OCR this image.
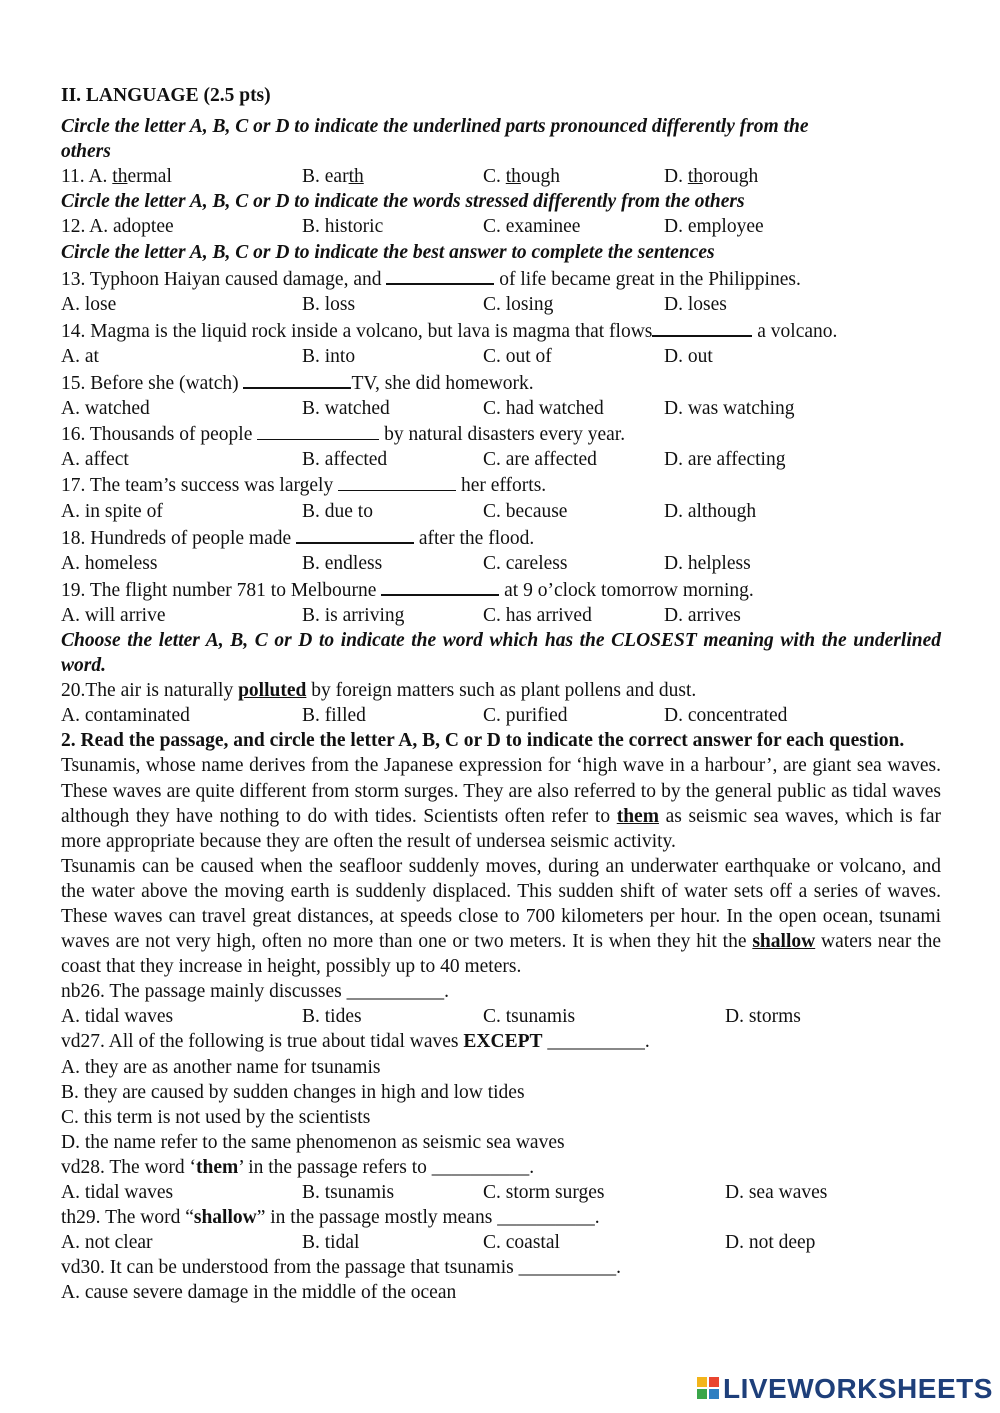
II. LANGUAGE (2.5 pts)
Circle the letter A, B, C or D to indicate the underlined parts pronounced differently from the
others
11. A. thermal	B. earth	C. though	D. thorough
Circle the letter A, B, C or D to indicate the words stressed differently from the others
12. A. adoptee	B. historic	C. examinee	D. employee
Circle the letter A, B, C or D to indicate the best answer to complete the sentences
13. Typhoon Haiyan caused damage, and	of life became great in the Philippines.
A. lose	B. loss	C. losing	D. loses
14. Magma is the liquid rock inside a volcano, but lava is magma that flows	a volcano.
A. at	B. into	C. out of	D. out
15. Before she (watch)	TV, she did homework.
A. watched	B. watched	C. had watched	D. was watching
16. Thousands of people	by natural disasters every year.
A. affect	B. affected	C. are affected	D. are affecting
17. The team’s success was largely	her efforts.
A. in spite of	B. due to	C. because	D. although
18. Hundreds of people made	after the flood.
A. homeless	B. endless	C. careless	D. helpless
19. The flight number 781 to Melbourne	at 9 o’clock tomorrow morning.
A. will arrive	B. is arriving	C. has arrived	D. arrives
Choose the letter A, B, C or D to indicate the word which has the CLOSEST meaning with the underlined word.
20.The air is naturally polluted by foreign matters such as plant pollens and dust.
A. contaminated	B. filled	C. purified	D. concentrated
2. Read the passage, and circle the letter A, B, C or D to indicate the correct answer for each question.
Tsunamis, whose name derives from the Japanese expression for ‘high wave in a harbour’, are giant sea waves. These waves are quite different from storm surges. They are also referred to by the general public as tidal waves although they have nothing to do with tides. Scientists often refer to them as seismic sea waves, which is far more appropriate because they are often the result of undersea seismic activity.
Tsunamis can be caused when the seafloor suddenly moves, during an underwater earthquake or volcano, and the water above the moving earth is suddenly displaced. This sudden shift of water sets off a series of waves. These waves can travel great distances, at speeds close to 700 kilometers per hour. In the open ocean, tsunami waves are not very high, often no more than one or two meters. It is when they hit the shallow waters near the coast that they increase in height, possibly up to 40 meters.
nb26. The passage mainly discusses __________.
A. tidal waves	B. tides	C. tsunamis	D. storms
vd27. All of the following is true about tidal waves EXCEPT __________.
A. they are as another name for tsunamis
B. they are caused by sudden changes in high and low tides
C. this term is not used by the scientists
D. the name refer to the same phenomenon as seismic sea waves
vd28. The word ‘them’ in the passage refers to __________.
A. tidal waves	B. tsunamis	C. storm surges	D. sea waves
th29. The word “shallow” in the passage mostly means __________.
A. not clear	B. tidal	C. coastal	D. not deep
vd30. It can be understood from the passage that tsunamis __________.
A. cause severe damage in the middle of the ocean
LIVEWORKSHEETS
